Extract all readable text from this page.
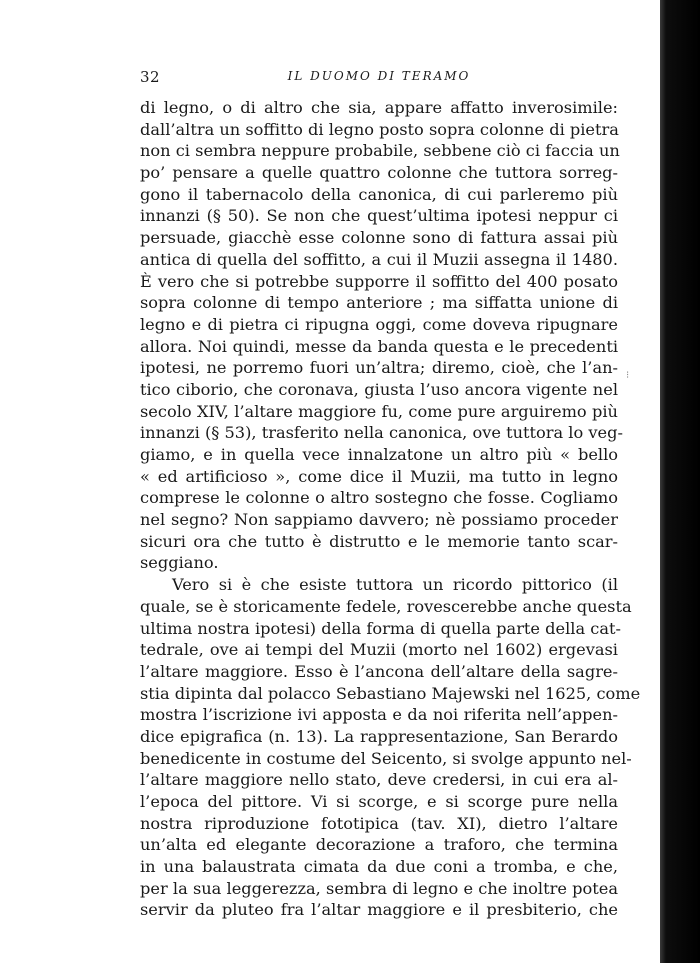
32	IL DUOMO DI TERAMO
⁝
di legno, o di altro che sia, appare affatto inverosimile:
dall’altra un soffitto di legno posto sopra colonne di pietra
non ci sembra neppure probabile, sebbene ciò ci faccia un
po’ pensare a quelle quattro colonne che tuttora sorreg-
gono il tabernacolo della canonica, di cui parleremo più
innanzi (§ 50). Se non che quest’ultima ipotesi neppur ci
persuade, giacchè esse colonne sono di fattura assai più
antica di quella del soffitto, a cui il Muzii assegna il 1480.
È vero che si potrebbe supporre il soffitto del 400 posato
sopra colonne di tempo anteriore ; ma siffatta unione di
legno e di pietra ci ripugna oggi, come doveva ripugnare
allora. Noi quindi, messe da banda questa e le precedenti
ipotesi, ne porremo fuori un’altra; diremo, cioè, che l’an-
tico ciborio, che coronava, giusta l’uso ancora vigente nel
secolo XIV, l’altare maggiore fu, come pure arguiremo più
innanzi (§ 53), trasferito nella canonica, ove tuttora lo veg-
giamo, e in quella vece innalzatone un altro più « bello
« ed artificioso », come dice il Muzii, ma tutto in legno
comprese le colonne o altro sostegno che fosse. Cogliamo
nel segno? Non sappiamo davvero; nè possiamo proceder
sicuri ora che tutto è distrutto e le memorie tanto scar-
seggiano.
Vero si è che esiste tuttora un ricordo pittorico (il
quale, se è storicamente fedele, rovescerebbe anche questa
ultima nostra ipotesi) della forma di quella parte della cat-
tedrale, ove ai tempi del Muzii (morto nel 1602) ergevasi
l’altare maggiore. Esso è l’ancona dell’altare della sagre-
stia dipinta dal polacco Sebastiano Majewski nel 1625, come
mostra l’iscrizione ivi apposta e da noi riferita nell’appen-
dice epigrafica (n. 13). La rappresentazione, San Berardo
benedicente in costume del Seicento, si svolge appunto nel-
l’altare maggiore nello stato, deve credersi, in cui era al-
l’epoca del pittore. Vi si scorge, e si scorge pure nella
nostra riproduzione fototipica (tav. XI), dietro l’altare
un’alta ed elegante decorazione a traforo, che termina
in una balaustrata cimata da due coni a tromba, e che,
per la sua leggerezza, sembra di legno e che inoltre potea
servir da pluteo fra l’altar maggiore e il presbiterio, che
